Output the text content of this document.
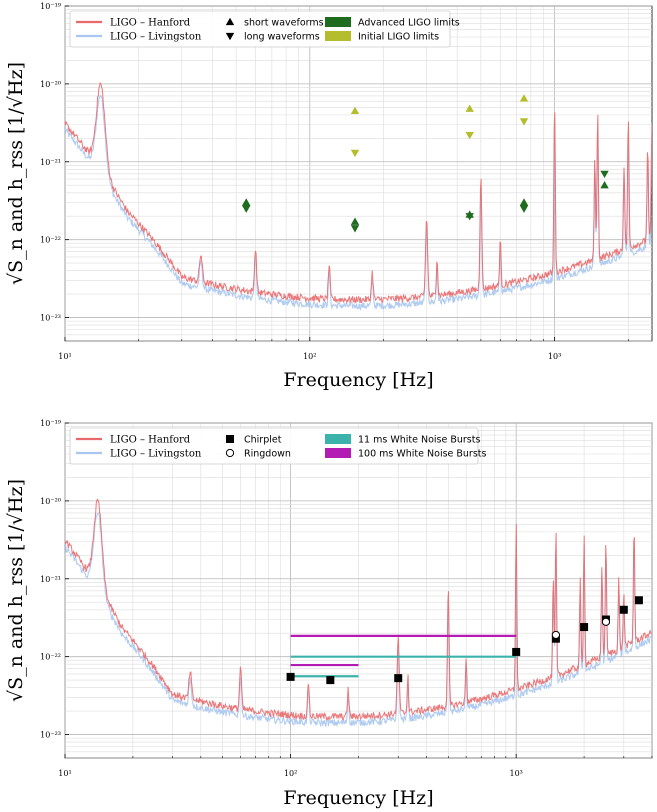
10¹	10²	10³
10⁻²³
10⁻²²
10⁻²¹
10⁻²⁰
10⁻¹⁹
LIGO – Hanford
LIGO – Livingston
short waveforms
long waveforms
Advanced LIGO limits
Initial LIGO limits
Frequency [Hz]
√S_n and h_rss [1/√Hz]
10¹	10²	10³
10⁻²³
10⁻²²
10⁻²¹
10⁻²⁰
10⁻¹⁹
LIGO – Hanford
LIGO – Livingston
Chirplet
Ringdown
11 ms White Noise Bursts
100 ms White Noise Bursts
Frequency [Hz]
√S_n and h_rss [1/√Hz]
